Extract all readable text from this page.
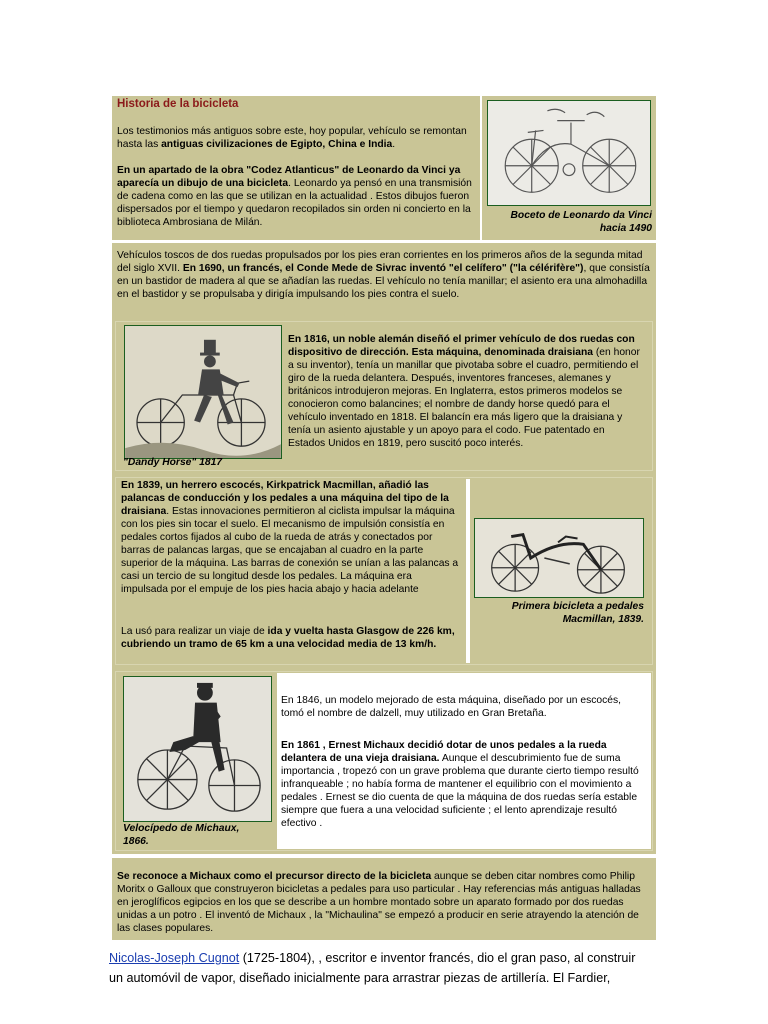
Historia de la bicicleta

Los testimonios más antiguos sobre este, hoy popular, vehículo se remontan hasta las antiguas civilizaciones de Egipto, China e India.

En un apartado de la obra "Codez Atlanticus" de Leonardo da Vinci ya aparecía un dibujo de una bicicleta. Leonardo ya pensó en una transmisión de cadena como en las que se utilizan en la actualidad . Estos dibujos fueron dispersados por el tiempo y quedaron recopilados sin orden ni concierto en la biblioteca Ambrosiana de Milán.

Boceto de Leonardo da Vinci
hacia 1490
Vehículos toscos de dos ruedas propulsados por los pies eran corrientes en los primeros años de la segunda mitad del siglo XVII. En 1690, un francés, el Conde Mede de Sivrac inventó "el celífero" ("la célérifère"), que consistía en un bastidor de madera al que se añadían las ruedas. El vehículo no tenía manillar; el asiento era una almohadilla en el bastidor y se propulsaba y dirigía impulsando los pies contra el suelo.
"Dandy Horse" 1817
En 1816, un noble alemán diseñó el primer vehículo de dos ruedas con dispositivo de dirección. Esta máquina, denominada draisiana (en honor a su inventor), tenía un manillar que pivotaba sobre el cuadro, permitiendo el giro de la rueda delantera. Después, inventores franceses, alemanes y británicos introdujeron mejoras. En Inglaterra, estos primeros modelos se conocieron como balancines; el nombre de dandy horse quedó para el vehículo inventado en 1818. El balancín era más ligero que la draisiana y tenía un asiento ajustable y un apoyo para el codo. Fue patentado en Estados Unidos en 1819, pero suscitó poco interés.
En 1839, un herrero escocés, Kirkpatrick Macmillan, añadió las palancas de conducción y los pedales a una máquina del tipo de la draisiana. Estas innovaciones permitieron al ciclista impulsar la máquina con los pies sin tocar el suelo. El mecanismo de impulsión consistía en pedales cortos fijados al cubo de la rueda de atrás y conectados por barras de palancas largas, que se encajaban al cuadro en la parte superior de la máquina. Las barras de conexión se unían a las palancas a casi un tercio de su longitud desde los pedales. La máquina era impulsada por el empuje de los pies hacia abajo y hacia adelante
La usó para realizar un viaje de ida y vuelta hasta Glasgow de 226 km, cubriendo un tramo de 65 km a una velocidad media de 13 km/h.
Primera bicicleta a pedales
Macmillan, 1839.
Velocípedo de Michaux,
1866.
En 1846, un modelo mejorado de esta máquina, diseñado por un escocés, tomó el nombre de dalzell, muy utilizado en Gran Bretaña.
En 1861 , Ernest Michaux decidió dotar de unos pedales a la rueda delantera de una vieja draisiana. Aunque el descubrimiento fue de suma importancia , tropezó con un grave problema que durante cierto tiempo resultó infranqueable ; no había forma de mantener el equilibrio con el movimiento a pedales . Ernest se dio cuenta de que la máquina de dos ruedas sería estable siempre que fuera a una velocidad suficiente ; el lento aprendizaje resultó efectivo .
Se reconoce a Michaux como el precursor directo de la bicicleta aunque se deben citar nombres como Philip Moritx o Galloux que construyeron bicicletas a pedales para uso particular . Hay referencias más antiguas halladas en jeroglíficos egipcios en los que se describe a un hombre montado sobre un aparato formado por dos ruedas unidas a un potro . El inventó de Michaux , la "Michaulina" se empezó a producir en serie atrayendo la atención de las clases populares.

Nicolas-Joseph Cugnot (1725-1804), , escritor e inventor francés, dio el gran paso, al construir

un automóvil de vapor, diseñado inicialmente para arrastrar piezas de artillería. El Fardier,
